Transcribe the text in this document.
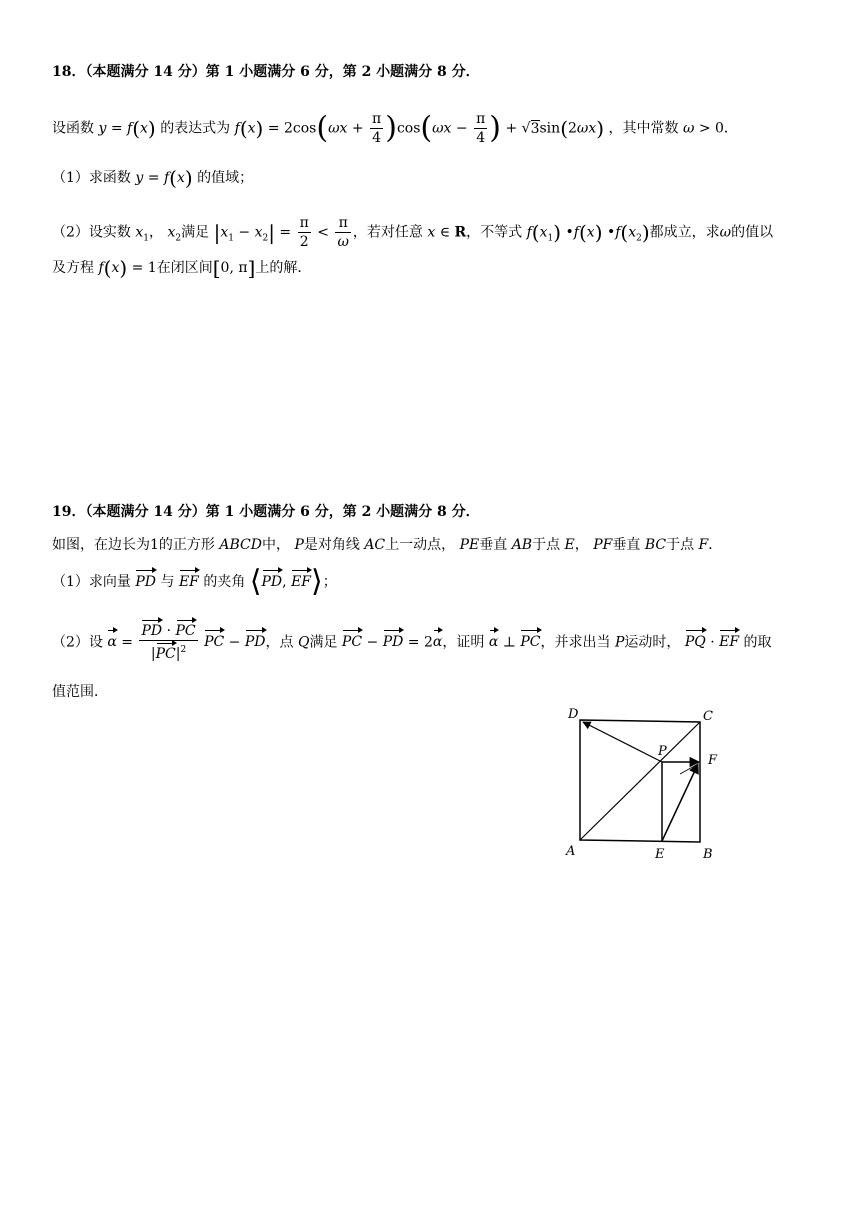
18．（本题满分 14 分）第 1 小题满分 6 分，第 2 小题满分 8 分．
设函数 y = f(x) 的表达式为 $f(x) = 2\cos(\omega x + \frac{\pi}{4} )\cos(\omega x - \frac{\pi}{4}$ ) + √3sin(2ωx) ，其中常数 ω > 0．
（1）求函数 y = f(x) 的值域；
（2）设实数 $x_1$， $x_2$满足 $|x_1 - x_2| = \frac{\pi}{2} < \frac{\pi}{\omega}$ ，若对任意 x ∈ R，不等式 $f(x_1)$ •f(x) $•f(x_2)$都成立，求ω的值以
及方程 f(x) = 1在闭区间[0, π]上的解．
19．（本题满分 14 分）第 1 小题满分 6 分，第 2 小题满分 8 分．
如图，在边长为1的正方形 ABCD中， P是对角线 AC上一动点， PE垂直 AB于点 E， PF垂直 BC于点 F．
（1）求向量 PD 与 EF 的夹角 ⟨PD, EF⟩；
（2）设 $\alpha = \frac{PD \cdot PC}{|PC|^2}$ PC − PD，点 Q满足 PC − PD = 2α，证明 α ⊥ PC，并求出当 P运动时， PQ · EF 的取
值范围．
D	C
P
F
A	E	B
